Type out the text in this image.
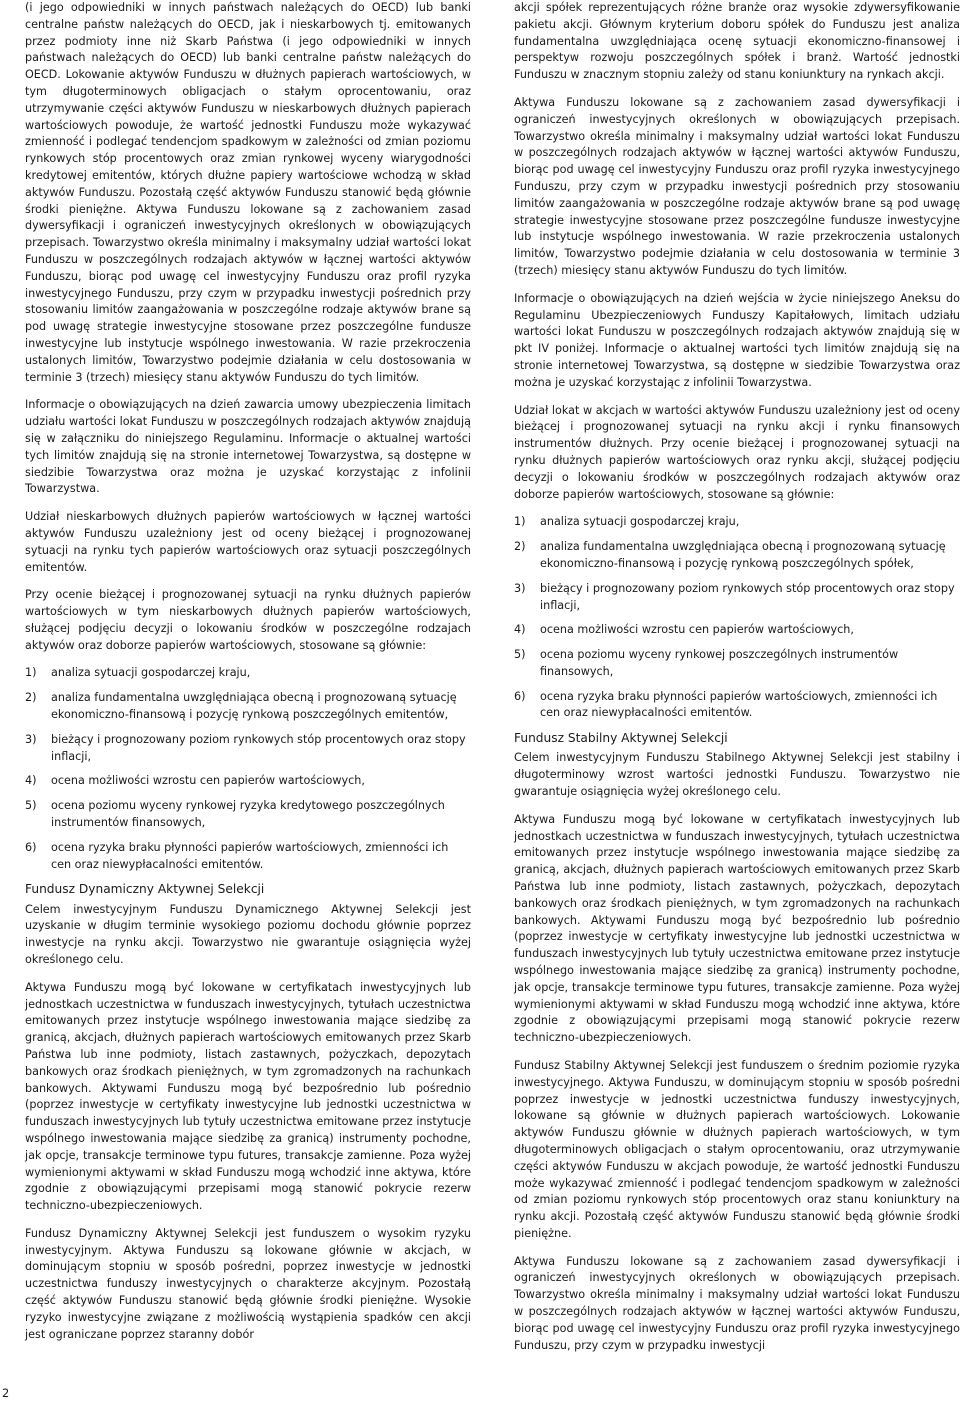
(i jego odpowiedniki w innych państwach należących do OECD) lub banki centralne państw należących do OECD, jak i nieskarbowych tj. emitowanych przez podmioty inne niż Skarb Państwa (i jego odpowiedniki w innych państwach należących do OECD) lub banki centralne państw należących do OECD. Lokowanie aktywów Funduszu w dłużnych papierach wartościowych, w tym długoterminowych obligacjach o stałym oprocentowaniu, oraz utrzymywanie części aktywów Funduszu w nieskarbowych dłużnych papierach wartościowych powoduje, że wartość jednostki Funduszu może wykazywać zmienność i podlegać tendencjom spadkowym w zależności od zmian poziomu rynkowych stóp procentowych oraz zmian rynkowej wyceny wiarygodności kredytowej emitentów, których dłużne papiery wartościowe wchodzą w skład aktywów Funduszu. Pozostałą część aktywów Funduszu stanowić będą głównie środki pieniężne. Aktywa Funduszu lokowane są z zachowaniem zasad dywersyfikacji i ograniczeń inwestycyjnych określonych w obowiązujących przepisach. Towarzystwo określa minimalny i maksymalny udział wartości lokat Funduszu w poszczególnych rodzajach aktywów w łącznej wartości aktywów Funduszu, biorąc pod uwagę cel inwestycyjny Funduszu oraz profil ryzyka inwestycyjnego Funduszu, przy czym w przypadku inwestycji pośrednich przy stosowaniu limitów zaangażowania w poszczególne rodzaje aktywów brane są pod uwagę strategie inwestycyjne stosowane przez poszczególne fundusze inwestycyjne lub instytucje wspólnego inwestowania. W razie przekroczenia ustalonych limitów, Towarzystwo podejmie działania w celu dostosowania w terminie 3 (trzech) miesięcy stanu aktywów Funduszu do tych limitów.

Informacje o obowiązujących na dzień zawarcia umowy ubezpieczenia limitach udziału wartości lokat Funduszu w poszczególnych rodzajach aktywów znajdują się w załączniku do niniejszego Regulaminu. Informacje o aktualnej wartości tych limitów znajdują się na stronie internetowej Towarzystwa, są dostępne w siedzibie Towarzystwa oraz można je uzyskać korzystając z infolinii Towarzystwa.

Udział nieskarbowych dłużnych papierów wartościowych w łącznej wartości aktywów Funduszu uzależniony jest od oceny bieżącej i prognozowanej sytuacji na rynku tych papierów wartościowych oraz sytuacji poszczególnych emitentów.

Przy ocenie bieżącej i prognozowanej sytuacji na rynku dłużnych papierów wartościowych w tym nieskarbowych dłużnych papierów wartościowych, służącej podjęciu decyzji o lokowaniu środków w poszczególne rodzajach aktywów oraz doborze papierów wartościowych, stosowane są głównie:

1) analiza sytuacji gospodarczej kraju,
2) analiza fundamentalna uwzględniająca obecną i prognozowaną sytuację ekonomiczno-finansową i pozycję rynkową poszczególnych emitentów,
3) bieżący i prognozowany poziom rynkowych stóp procentowych oraz stopy inflacji,
4) ocena możliwości wzrostu cen papierów wartościowych,
5) ocena poziomu wyceny rynkowej ryzyka kredytowego poszczególnych instrumentów finansowych,
6) ocena ryzyka braku płynności papierów wartościowych, zmienności ich cen oraz niewypłacalności emitentów.
Fundusz Dynamiczny Aktywnej Selekcji

Celem inwestycyjnym Funduszu Dynamicznego Aktywnej Selekcji jest uzyskanie w długim terminie wysokiego poziomu dochodu głównie poprzez inwestycje na rynku akcji. Towarzystwo nie gwarantuje osiągnięcia wyżej określonego celu.

Aktywa Funduszu mogą być lokowane w certyfikatach inwestycyjnych lub jednostkach uczestnictwa w funduszach inwestycyjnych, tytułach uczestnictwa emitowanych przez instytucje wspólnego inwestowania mające siedzibę za granicą, akcjach, dłużnych papierach wartościowych emitowanych przez Skarb Państwa lub inne podmioty, listach zastawnych, pożyczkach, depozytach bankowych oraz środkach pieniężnych, w tym zgromadzonych na rachunkach bankowych. Aktywami Funduszu mogą być bezpośrednio lub pośrednio (poprzez inwestycje w certyfikaty inwestycyjne lub jednostki uczestnictwa w funduszach inwestycyjnych lub tytuły uczestnictwa emitowane przez instytucje wspólnego inwestowania mające siedzibę za granicą) instrumenty pochodne, jak opcje, transakcje terminowe typu futures, transakcje zamienne. Poza wyżej wymienionymi aktywami w skład Funduszu mogą wchodzić inne aktywa, które zgodnie z obowiązującymi przepisami mogą stanowić pokrycie rezerw techniczno-ubezpieczeniowych.

Fundusz Dynamiczny Aktywnej Selekcji jest funduszem o wysokim ryzyku inwestycyjnym. Aktywa Funduszu są lokowane głównie w akcjach, w dominującym stopniu w sposób pośredni, poprzez inwestycje w jednostki uczestnictwa funduszy inwestycyjnych o charakterze akcyjnym. Pozostałą część aktywów Funduszu stanowić będą głównie środki pieniężne. Wysokie ryzyko inwestycyjne związane z możliwością wystąpienia spadków cen akcji jest ograniczane poprzez staranny dobór

akcji spółek reprezentujących różne branże oraz wysokie zdywersyfikowanie pakietu akcji. Głównym kryterium doboru spółek do Funduszu jest analiza fundamentalna uwzględniająca ocenę sytuacji ekonomiczno-finansowej i perspektyw rozwoju poszczególnych spółek i branż. Wartość jednostki Funduszu w znacznym stopniu zależy od stanu koniunktury na rynkach akcji.

Aktywa Funduszu lokowane są z zachowaniem zasad dywersyfikacji i ograniczeń inwestycyjnych określonych w obowiązujących przepisach. Towarzystwo określa minimalny i maksymalny udział wartości lokat Funduszu w poszczególnych rodzajach aktywów w łącznej wartości aktywów Funduszu, biorąc pod uwagę cel inwestycyjny Funduszu oraz profil ryzyka inwestycyjnego Funduszu, przy czym w przypadku inwestycji pośrednich przy stosowaniu limitów zaangażowania w poszczególne rodzaje aktywów brane są pod uwagę strategie inwestycyjne stosowane przez poszczególne fundusze inwestycyjne lub instytucje wspólnego inwestowania. W razie przekroczenia ustalonych limitów, Towarzystwo podejmie działania w celu dostosowania w terminie 3 (trzech) miesięcy stanu aktywów Funduszu do tych limitów.

Informacje o obowiązujących na dzień wejścia w życie niniejszego Aneksu do Regulaminu Ubezpieczeniowych Funduszy Kapitałowych, limitach udziału wartości lokat Funduszu w poszczególnych rodzajach aktywów znajdują się w pkt IV poniżej. Informacje o aktualnej wartości tych limitów znajdują się na stronie internetowej Towarzystwa, są dostępne w siedzibie Towarzystwa oraz można je uzyskać korzystając z infolinii Towarzystwa.

Udział lokat w akcjach w wartości aktywów Funduszu uzależniony jest od oceny bieżącej i prognozowanej sytuacji na rynku akcji i rynku finansowych instrumentów dłużnych. Przy ocenie bieżącej i prognozowanej sytuacji na rynku dłużnych papierów wartościowych oraz rynku akcji, służącej podjęciu decyzji o lokowaniu środków w poszczególnych rodzajach aktywów oraz doborze papierów wartościowych, stosowane są głównie:

1) analiza sytuacji gospodarczej kraju,
2) analiza fundamentalna uwzględniająca obecną i prognozowaną sytuację ekonomiczno-finansową i pozycję rynkową poszczególnych spółek,
3) bieżący i prognozowany poziom rynkowych stóp procentowych oraz stopy inflacji,
4) ocena możliwości wzrostu cen papierów wartościowych,
5) ocena poziomu wyceny rynkowej poszczególnych instrumentów finansowych,
6) ocena ryzyka braku płynności papierów wartościowych, zmienności ich cen oraz niewypłacalności emitentów.
Fundusz Stabilny Aktywnej Selekcji

Celem inwestycyjnym Funduszu Stabilnego Aktywnej Selekcji jest stabilny i długoterminowy wzrost wartości jednostki Funduszu. Towarzystwo nie gwarantuje osiągnięcia wyżej określonego celu.

Aktywa Funduszu mogą być lokowane w certyfikatach inwestycyjnych lub jednostkach uczestnictwa w funduszach inwestycyjnych, tytułach uczestnictwa emitowanych przez instytucje wspólnego inwestowania mające siedzibę za granicą, akcjach, dłużnych papierach wartościowych emitowanych przez Skarb Państwa lub inne podmioty, listach zastawnych, pożyczkach, depozytach bankowych oraz środkach pieniężnych, w tym zgromadzonych na rachunkach bankowych. Aktywami Funduszu mogą być bezpośrednio lub pośrednio (poprzez inwestycje w certyfikaty inwestycyjne lub jednostki uczestnictwa w funduszach inwestycyjnych lub tytuły uczestnictwa emitowane przez instytucje wspólnego inwestowania mające siedzibę za granicą) instrumenty pochodne, jak opcje, transakcje terminowe typu futures, transakcje zamienne. Poza wyżej wymienionymi aktywami w skład Funduszu mogą wchodzić inne aktywa, które zgodnie z obowiązującymi przepisami mogą stanowić pokrycie rezerw techniczno-ubezpieczeniowych.

Fundusz Stabilny Aktywnej Selekcji jest funduszem o średnim poziomie ryzyka inwestycyjnego. Aktywa Funduszu, w dominującym stopniu w sposób pośredni poprzez inwestycje w jednostki uczestnictwa funduszy inwestycyjnych, lokowane są głównie w dłużnych papierach wartościowych. Lokowanie aktywów Funduszu głównie w dłużnych papierach wartościowych, w tym długoterminowych obligacjach o stałym oprocentowaniu, oraz utrzymywanie części aktywów Funduszu w akcjach powoduje, że wartość jednostki Funduszu może wykazywać zmienność i podlegać tendencjom spadkowym w zależności od zmian poziomu rynkowych stóp procentowych oraz stanu koniunktury na rynku akcji. Pozostałą część aktywów Funduszu stanowić będą głównie środki pieniężne.

Aktywa Funduszu lokowane są z zachowaniem zasad dywersyfikacji i ograniczeń inwestycyjnych określonych w obowiązujących przepisach. Towarzystwo określa minimalny i maksymalny udział wartości lokat Funduszu w poszczególnych rodzajach aktywów w łącznej wartości aktywów Funduszu, biorąc pod uwagę cel inwestycyjny Funduszu oraz profil ryzyka inwestycyjnego Funduszu, przy czym w przypadku inwestycji

2
